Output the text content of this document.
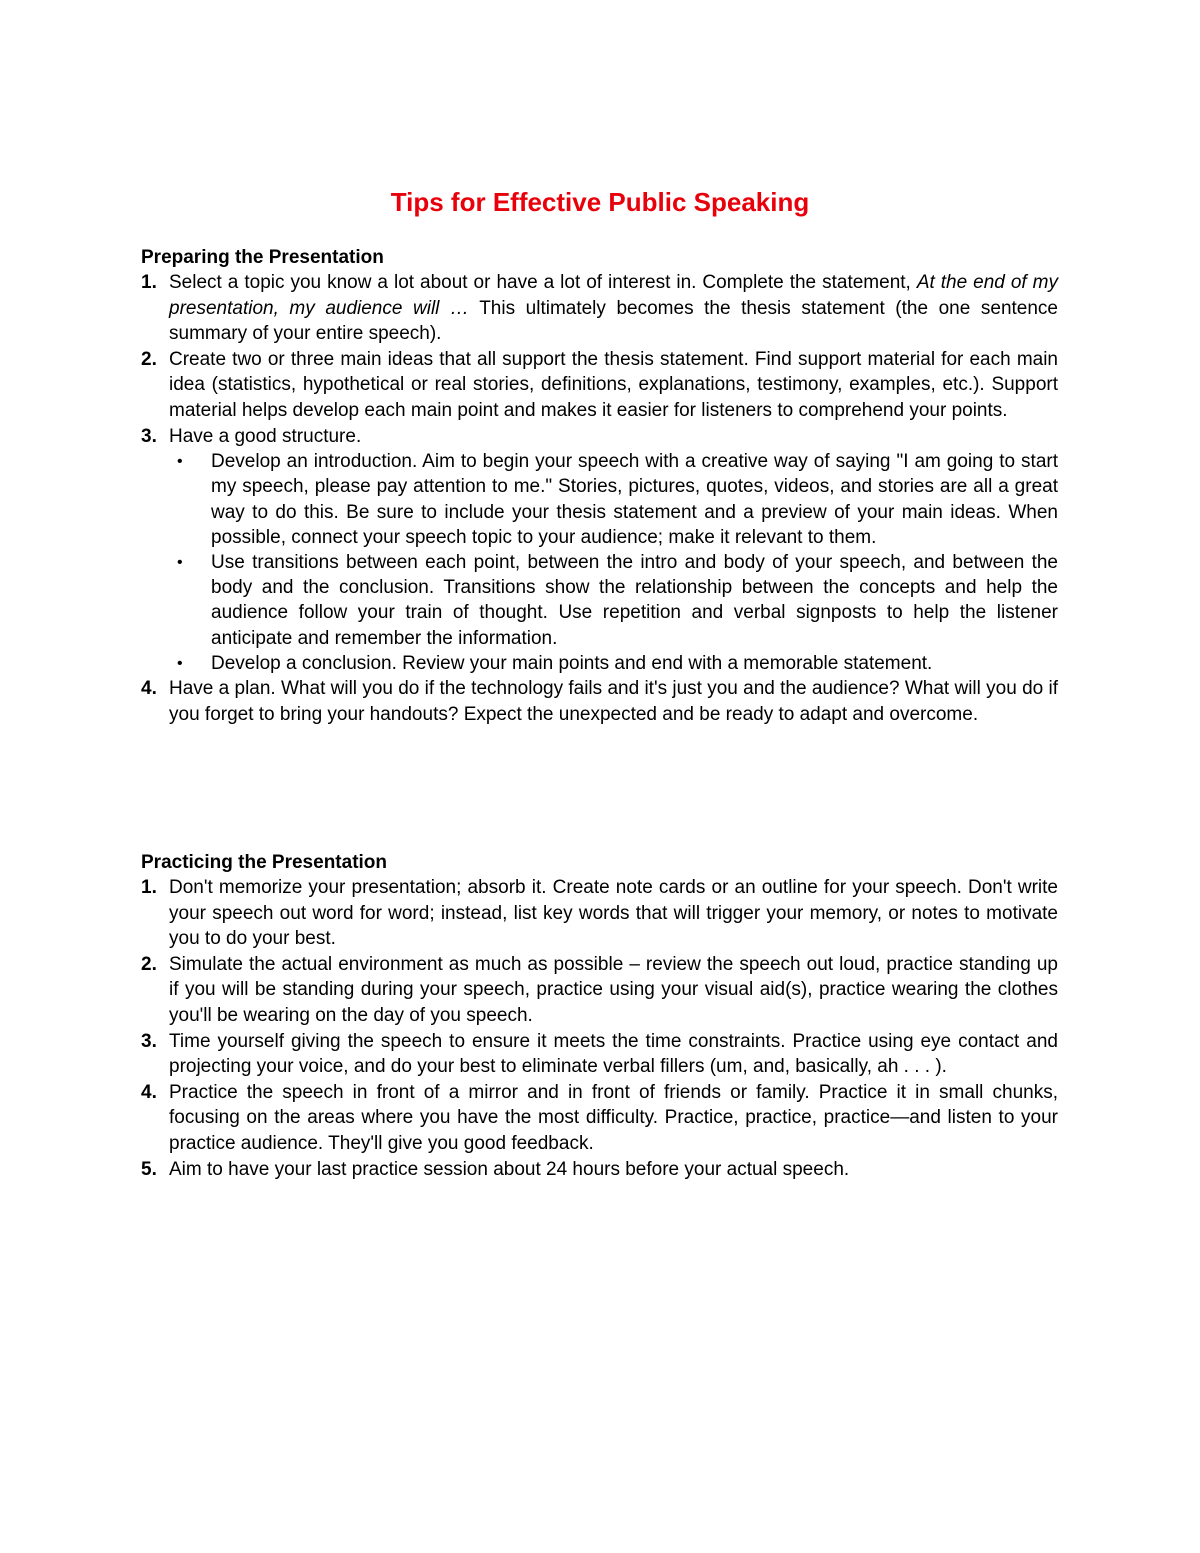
Tips for Effective Public Speaking
Preparing the Presentation
1. Select a topic you know a lot about or have a lot of interest in. Complete the statement, At the end of my presentation, my audience will … This ultimately becomes the thesis statement (the one sentence summary of your entire speech).
2. Create two or three main ideas that all support the thesis statement. Find support material for each main idea (statistics, hypothetical or real stories, definitions, explanations, testimony, examples, etc.). Support material helps develop each main point and makes it easier for listeners to comprehend your points.
3. Have a good structure.
• Develop an introduction. Aim to begin your speech with a creative way of saying "I am going to start my speech, please pay attention to me." Stories, pictures, quotes, videos, and stories are all a great way to do this. Be sure to include your thesis statement and a preview of your main ideas. When possible, connect your speech topic to your audience; make it relevant to them.
• Use transitions between each point, between the intro and body of your speech, and between the body and the conclusion. Transitions show the relationship between the concepts and help the audience follow your train of thought. Use repetition and verbal signposts to help the listener anticipate and remember the information.
• Develop a conclusion. Review your main points and end with a memorable statement.
4. Have a plan. What will you do if the technology fails and it's just you and the audience? What will you do if you forget to bring your handouts? Expect the unexpected and be ready to adapt and overcome.
Practicing the Presentation
1. Don't memorize your presentation; absorb it. Create note cards or an outline for your speech. Don't write your speech out word for word; instead, list key words that will trigger your memory, or notes to motivate you to do your best.
2. Simulate the actual environment as much as possible – review the speech out loud, practice standing up if you will be standing during your speech, practice using your visual aid(s), practice wearing the clothes you'll be wearing on the day of you speech.
3. Time yourself giving the speech to ensure it meets the time constraints. Practice using eye contact and projecting your voice, and do your best to eliminate verbal fillers (um, and, basically, ah . . . ).
4. Practice the speech in front of a mirror and in front of friends or family. Practice it in small chunks, focusing on the areas where you have the most difficulty. Practice, practice, practice—and listen to your practice audience. They'll give you good feedback.
5. Aim to have your last practice session about 24 hours before your actual speech.
